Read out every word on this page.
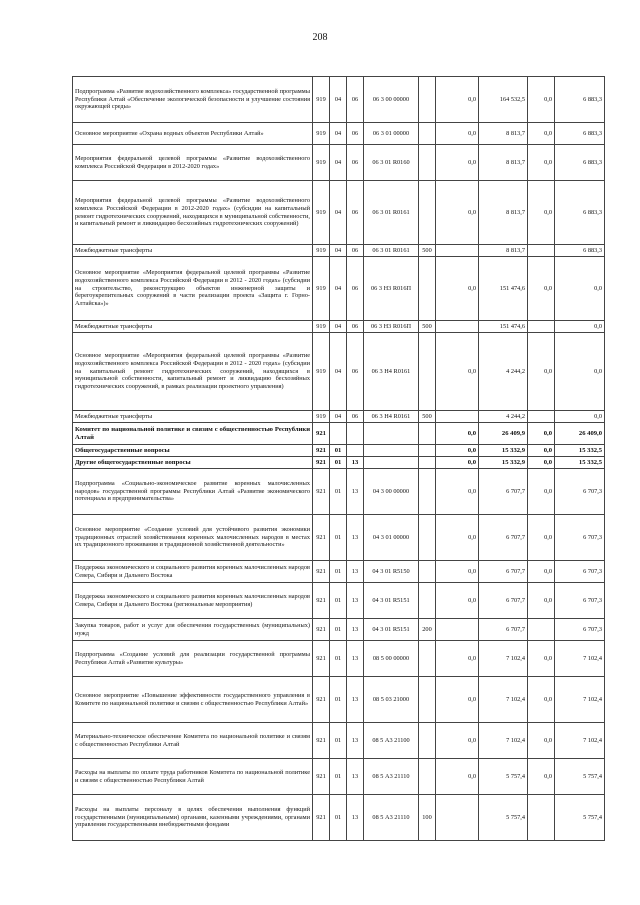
208
Подпрограмма «Развитие водохозяйственного комплекса» государственной программы Республики Алтай «Обеспечение экологической безопасности и улучшение состояния окружающей среды»	919	04	06	06 3 00 00000		0,0	164 532,5	0,0	6 883,3
Основное мероприятие «Охрана водных объектов Республики Алтай»	919	04	06	06 3 01 00000		0,0	8 813,7	0,0	6 883,3
Мероприятия федеральной целевой программы «Развитие водохозяйственного комплекса Российской Федерации в 2012-2020 годах»	919	04	06	06 3 01 R0160		0,0	8 813,7	0,0	6 883,3
Мероприятия федеральной целевой программы «Развитие водохозяйственного комплекса Российской Федерации в 2012-2020 годах» (субсидии на капитальный ремонт гидротехнических сооружений, находящихся в муниципальной собственности, и капитальный ремонт и ликвидацию бесхозяйных гидротехнических сооружений)	919	04	06	06 3 01 R0161		0,0	8 813,7	0,0	6 883,3
Межбюджетные трансферты	919	04	06	06 3 01 R0161	500		8 813,7		6 883,3
Основное мероприятие «Мероприятия федеральной целевой программы «Развитие водохозяйственного комплекса Российской Федерации в 2012 - 2020 годах» (субсидии на строительство, реконструкцию объектов инженерной защиты и берегоукрепительных сооружений в части реализации проекта «Защита г. Горно-Алтайска»)»	919	04	06	06 3 Н3 R016П		0,0	151 474,6	0,0	0,0
Межбюджетные трансферты	919	04	06	06 3 Н3 R016П	500		151 474,6		0,0
Основное мероприятие «Мероприятия федеральной целевой программы «Развитие водохозяйственного комплекса Российской Федерации в 2012 - 2020 годах» (субсидии на капитальный ремонт гидротехнических сооружений, находящихся в муниципальной собственности, капитальный ремонт и ликвидацию бесхозяйных гидротехнических сооружений, в рамках реализации проектного управления)	919	04	06	06 3 Н4 R0161		0,0	4 244,2	0,0	0,0
Межбюджетные трансферты	919	04	06	06 3 Н4 R0161	500		4 244,2		0,0
Комитет по национальной политике и связям с общественностью Республики Алтай	921					0,0	26 409,9	0,0	26 409,0
Общегосударственные вопросы	921	01				0,0	15 332,9	0,0	15 332,5
Другие общегосударственные вопросы	921	01	13			0,0	15 332,9	0,0	15 332,5
Подпрограмма «Социально-экономическое развитие коренных малочисленных народов» государственной программы Республики Алтай «Развитие экономического потенциала и предпринимательства»	921	01	13	04 3 00 00000		0,0	6 707,7	0,0	6 707,3
Основное мероприятие «Создание условий для устойчивого развития экономики традиционных отраслей хозяйствования коренных малочисленных народов в местах их традиционного проживания и традиционной хозяйственной деятельности»	921	01	13	04 3 01 00000		0,0	6 707,7	0,0	6 707,3
Поддержка экономического и социального развития коренных малочисленных народов Севера, Сибири и Дальнего Востока	921	01	13	04 3 01 R5150		0,0	6 707,7	0,0	6 707,3
Поддержка экономического и социального развития коренных малочисленных народов Севера, Сибири и Дальнего Востока (региональные мероприятия)	921	01	13	04 3 01 R5151		0,0	6 707,7	0,0	6 707,3
Закупка товаров, работ и услуг для обеспечения государственных (муниципальных) нужд	921	01	13	04 3 01 R5151	200		6 707,7		6 707,3
Подпрограмма «Создание условий для реализации государственной программы Республики Алтай «Развитие культуры»	921	01	13	08 5 00 00000		0,0	7 102,4	0,0	7 102,4
Основное мероприятие «Повышение эффективности государственного управления в Комитете по национальной политике и связям с общественностью Республики Алтай»	921	01	13	08 5 03 21000		0,0	7 102,4	0,0	7 102,4
Материально-техническое обеспечение Комитета по национальной политике и связям с общественностью Республики Алтай	921	01	13	08 5 А3 21100		0,0	7 102,4	0,0	7 102,4
Расходы на выплаты по оплате труда работников Комитета по национальной политике и связям с общественностью Республики Алтай	921	01	13	08 5 А3 21110		0,0	5 757,4	0,0	5 757,4
Расходы на выплаты персоналу в целях обеспечения выполнения функций государственными (муниципальными) органами, казенными учреждениями, органами управления государственными внебюджетными фондами	921	01	13	08 5 А3 21110	100		5 757,4		5 757,4
